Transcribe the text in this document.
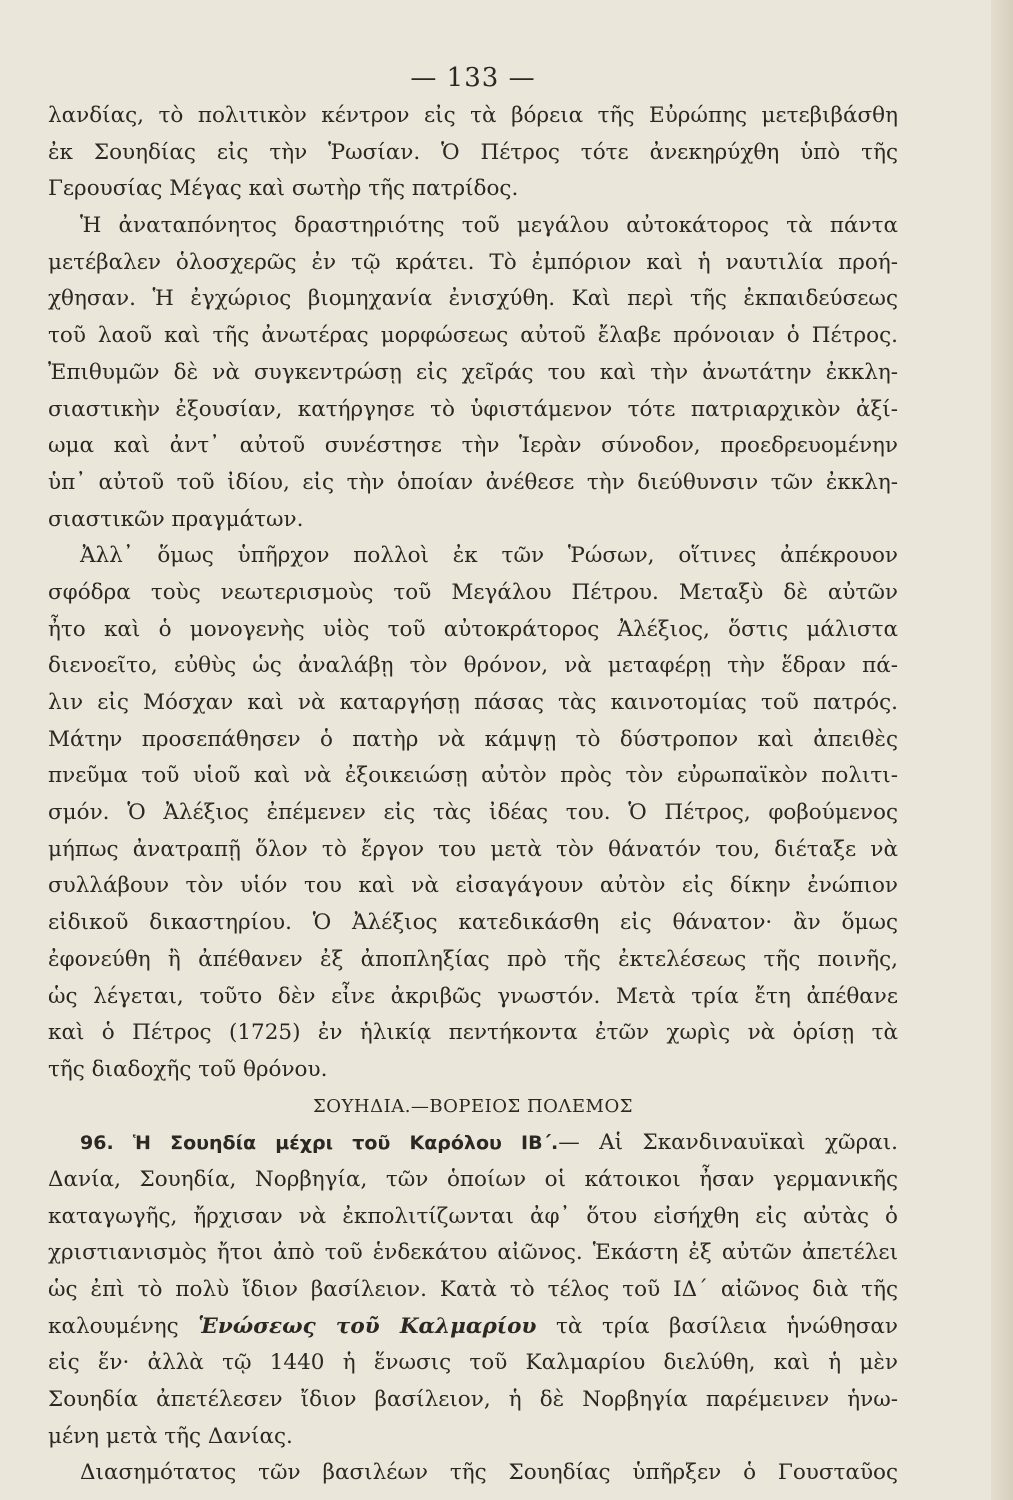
— 133 —
λανδίας, τὸ πολιτικὸν κέντρον εἰς τὰ βόρεια τῆς Εὐρώπης μετεβιβάσθη
ἐκ Σουηδίας εἰς τὴν Ῥωσίαν. Ὁ Πέτρος τότε ἀνεκηρύχθη ὑπὸ τῆς
Γερουσίας Μέγας καὶ σωτὴρ τῆς πατρίδος.
Ἡ ἀναταπόνητος δραστηριότης τοῦ μεγάλου αὐτοκάτορος τὰ πάντα
μετέβαλεν ὁλοσχερῶς ἐν τῷ κράτει. Τὸ ἐμπόριον καὶ ἡ ναυτιλία προή-
χθησαν. Ἡ ἐγχώριος βιομηχανία ἐνισχύθη. Καὶ περὶ τῆς ἐκπαιδεύσεως
τοῦ λαοῦ καὶ τῆς ἀνωτέρας μορφώσεως αὐτοῦ ἔλαβε πρόνοιαν ὁ Πέτρος.
Ἐπιθυμῶν δὲ νὰ συγκεντρώσῃ εἰς χεῖράς του καὶ τὴν ἀνωτάτην ἐκκλη-
σιαστικὴν ἐξουσίαν, κατήργησε τὸ ὑφιστάμενον τότε πατριαρχικὸν ἀξί-
ωμα καὶ ἀντ᾿ αὐτοῦ συνέστησε τὴν Ἱερὰν σύνοδον, προεδρευομένην
ὑπ᾿ αὐτοῦ τοῦ ἰδίου, εἰς τὴν ὁποίαν ἀνέθεσε τὴν διεύθυνσιν τῶν ἐκκλη-
σιαστικῶν πραγμάτων.
Ἀλλ᾿ ὅμως ὑπῆρχον πολλοὶ ἐκ τῶν Ῥώσων, οἵτινες ἀπέκρουον
σφόδρα τοὺς νεωτερισμοὺς τοῦ Μεγάλου Πέτρου. Μεταξὺ δὲ αὐτῶν
ἦτο καὶ ὁ μονογενὴς υἱὸς τοῦ αὐτοκράτορος Ἀλέξιος, ὅστις μάλιστα
διενοεῖτο, εὐθὺς ὡς ἀναλάβῃ τὸν θρόνον, νὰ μεταφέρῃ τὴν ἕδραν πά-
λιν εἰς Μόσχαν καὶ νὰ καταργήσῃ πάσας τὰς καινοτομίας τοῦ πατρός.
Μάτην προσεπάθησεν ὁ πατὴρ νὰ κάμψῃ τὸ δύστροπον καὶ ἀπειθὲς
πνεῦμα τοῦ υἱοῦ καὶ νὰ ἐξοικειώσῃ αὐτὸν πρὸς τὸν εὐρωπαϊκὸν πολιτι-
σμόν. Ὁ Ἀλέξιος ἐπέμενεν εἰς τὰς ἰδέας του. Ὁ Πέτρος, φοβούμενος
μήπως ἀνατραπῇ ὅλον τὸ ἔργον του μετὰ τὸν θάνατόν του, διέταξε νὰ
συλλάβουν τὸν υἱόν του καὶ νὰ εἰσαγάγουν αὐτὸν εἰς δίκην ἐνώπιον
εἰδικοῦ δικαστηρίου. Ὁ Ἀλέξιος κατεδικάσθη εἰς θάνατον· ἂν ὅμως
ἐφονεύθη ἢ ἀπέθανεν ἐξ ἀποπληξίας πρὸ τῆς ἐκτελέσεως τῆς ποινῆς,
ὡς λέγεται, τοῦτο δὲν εἶνε ἀκριβῶς γνωστόν. Μετὰ τρία ἔτη ἀπέθανε
καὶ ὁ Πέτρος (1725) ἐν ἡλικίᾳ πεντήκοντα ἐτῶν χωρὶς νὰ ὁρίσῃ τὰ
τῆς διαδοχῆς τοῦ θρόνου.
ΣΟΥΗΔΙΑ.—ΒΟΡΕΙΟΣ ΠΟΛΕΜΟΣ
96. Ἡ Σουηδία μέχρι τοῦ Καρόλου ΙΒ΄.— Αἱ Σκανδιναυϊκαὶ χῶραι.
Δανία, Σουηδία, Νορβηγία, τῶν ὁποίων οἱ κάτοικοι ἦσαν γερμανικῆς
καταγωγῆς, ἤρχισαν νὰ ἐκπολιτίζωνται ἀφ᾿ ὅτου εἰσήχθη εἰς αὐτὰς ὁ
χριστιανισμὸς ἤτοι ἀπὸ τοῦ ἑνδεκάτου αἰῶνος. Ἑκάστη ἐξ αὐτῶν ἀπετέλει
ὡς ἐπὶ τὸ πολὺ ἴδιον βασίλειον. Κατὰ τὸ τέλος τοῦ ΙΔ΄ αἰῶνος διὰ τῆς
καλουμένης Ἑνώσεως τοῦ Καλμαρίου τὰ τρία βασίλεια ἡνώθησαν
εἰς ἕν· ἀλλὰ τῷ 1440 ἡ ἕνωσις τοῦ Καλμαρίου διελύθη, καὶ ἡ μὲν
Σουηδία ἀπετέλεσεν ἴδιον βασίλειον, ἡ δὲ Νορβηγία παρέμεινεν ἡνω-
μένη μετὰ τῆς Δανίας.
Διασημότατος τῶν βασιλέων τῆς Σουηδίας ὑπῆρξεν ὁ Γουσταῦος
